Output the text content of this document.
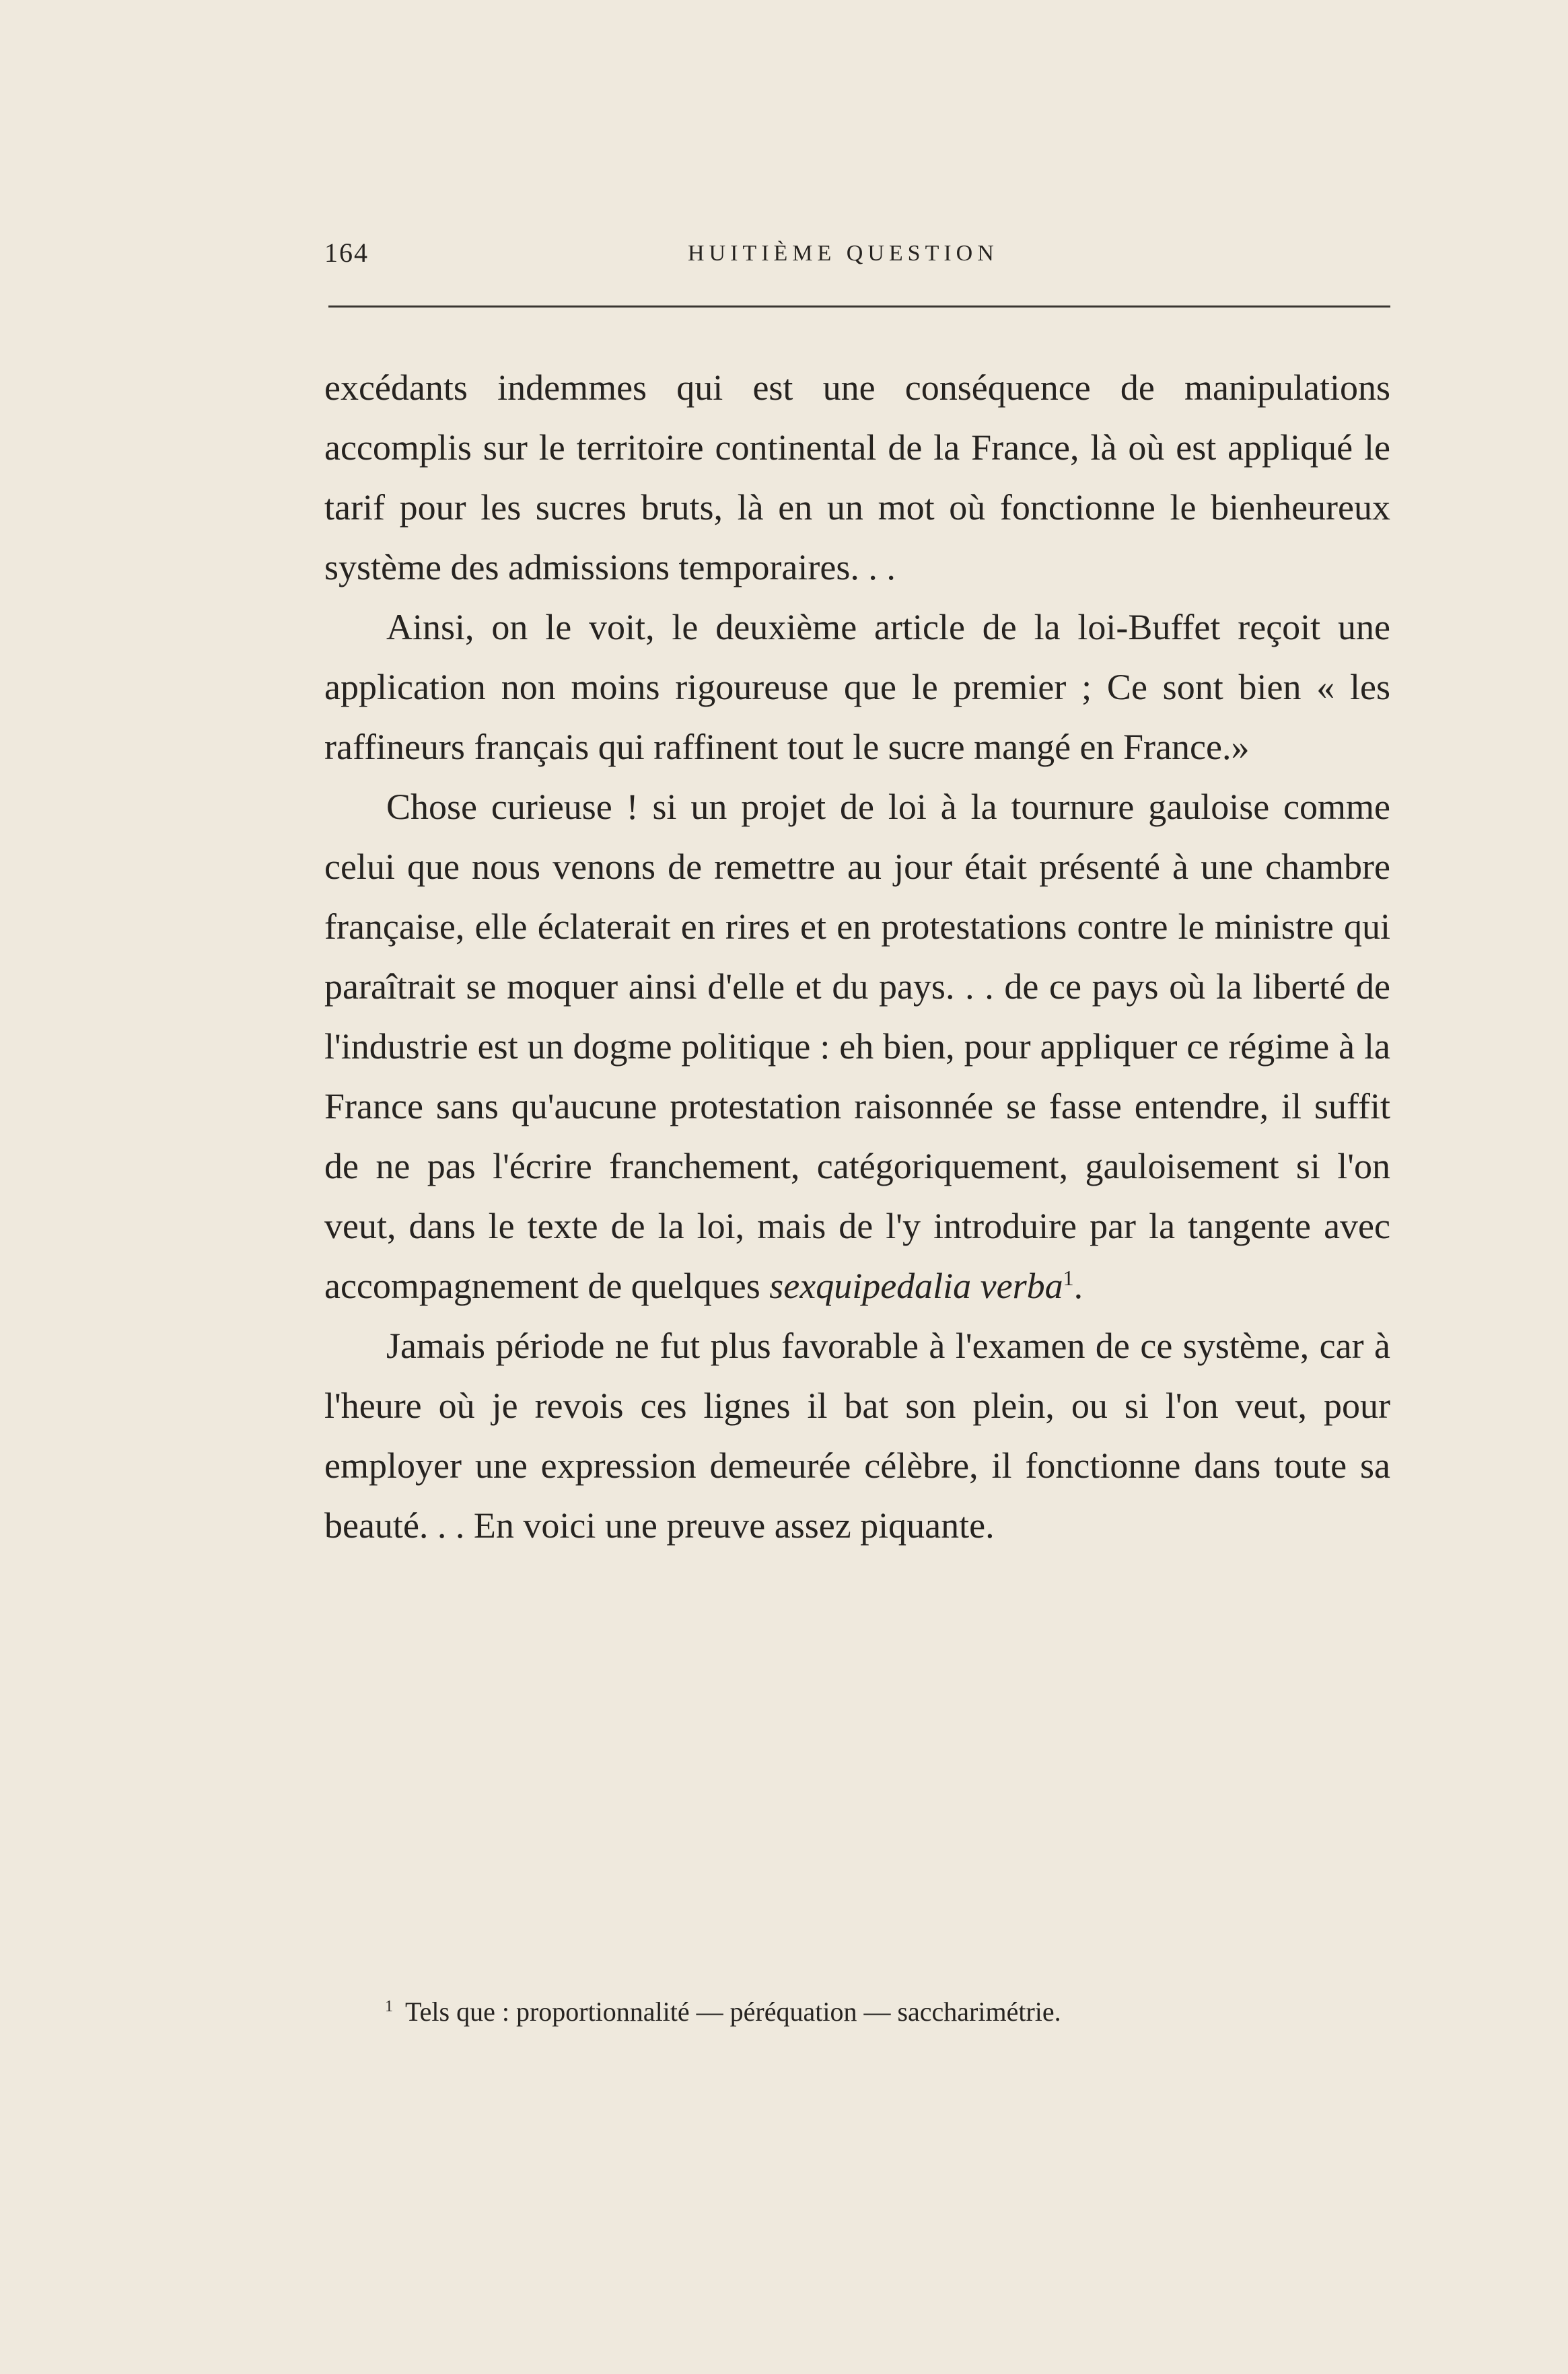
164	HUITIÈME QUESTION

excédants indemmes qui est une conséquence de manipulations accomplis sur le territoire continental de la France, là où est appliqué le tarif pour les sucres bruts, là en un mot où fonctionne le bienheureux système des admissions temporaires. . .

Ainsi, on le voit, le deuxième article de la loi-Buffet reçoit une application non moins rigoureuse que le premier ; Ce sont bien « les raffineurs français qui raffinent tout le sucre mangé en France.»

Chose curieuse ! si un projet de loi à la tournure gauloise comme celui que nous venons de remettre au jour était présenté à une chambre française, elle éclaterait en rires et en protestations contre le ministre qui paraîtrait se moquer ainsi d'elle et du pays. . . de ce pays où la liberté de l'industrie est un dogme politique : eh bien, pour appliquer ce régime à la France sans qu'aucune protestation raisonnée se fasse entendre, il suffit de ne pas l'écrire franchement, catégoriquement, gauloisement si l'on veut, dans le texte de la loi, mais de l'y introduire par la tangente avec accompagnement de quelques sexquipedalia verba$^1$.

Jamais période ne fut plus favorable à l'examen de ce système, car à l'heure où je revois ces lignes il bat son plein, ou si l'on veut, pour employer une expression demeurée célèbre, il fonctionne dans toute sa beauté. . . En voici une preuve assez piquante.

$^1$ Tels que : proportionnalité — péréquation — saccharimétrie.
